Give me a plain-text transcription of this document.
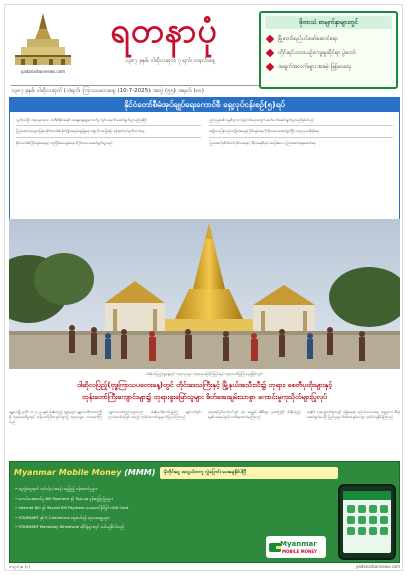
yadanarbonnews.com
ရတနာပုံ
၁၃၈၇ ခုနှစ်၊ ဝါဆိုလဆုတ် ၇ ရက်၊ တနင်္လာနေ့
၁၃၈၇ ခုနှစ်၊ ဝါဆိုလဆုတ် (၁)ရက်၊ ကြာသပတေးနေ့၊ (10-7-2025)၊ အတွဲ (၅၅)၊ အမှတ် (၈၀)
ဖိုတာသံ စာမျက်နှာများတွင်
မြို့တော်စည်ပင်ဖော်ဆောင်ရေး
တိုင်းရင်းသားယဉ်ကျေးမှုဆိုင်ရာ ပွဲတော်
အချက်အလက်များ အခမဲ့ ဖြန့်ဝေရေး
နိုင်ငံတော်စီမံအုပ်ချုပ်ရေးကောင်စီ ရှေ့လုပ်ငန်းစဉ်(၅)ရပ်

လွတ်လပ်ပြီး တရားမျှတသော ပါတီစုံဒီမိုကရေစီ အထွေထွေရွေးကောက်ပွဲ ကျင်းပရေးကို ဆောင်ရွက်သွားမည်ဖြစ်ပြီး

ပြည်ထောင်စုသမ္မတမြန်မာနိုင်ငံတော်၏ စိုက်ပျိုးရေးနှင့်မွေးမြူရေးကဏ္ဍကို အခြေခံ၍ ကုန်ထုတ်လုပ်မှုတိုးတက်ရေး

နိုင်ငံတော်၏ ငြိမ်းချမ်းရေးနှင့် တည်ငြိမ်အေးချမ်းရေးကို ဦးစားပေးဆောင်ရွက်သွားမည်

ပြည်သူများ၏ လူမှုစီးပွားဘဝ မြှင့်တင်ရေးအတွက် ဆက်လက်ဆောင်ရွက်သွားမည်ဖြစ်ပါသည်

အမျိုးသားပြန်လည်သင့်မြတ်ရေးနှင့် ငြိမ်းချမ်းရေးကို ဦးစားပေးဆောင်ရွက်ပြီး တရားဥပဒေစိုးမိုးရေး

ပြည်ထောင်စုစိတ်ဓာတ် ခိုင်မာရေးနှင့် ဒီမိုကရေစီစနစ် အခြေခံသော ပြည်ထောင်စုထူထောင်ရေး

ဝါဆိုလပြည့်ဗုဒ္ဓနေ့တွင် ဘုရားဖူးများ ဘုရားဖူးမြော်ကြခြင်းနှင့် ဘုရားဝတ်ပြုကြသည့်မြင်ကွင်း
ဝါဆိုလပြည့်(ဗုဒ္ဓကြာသပတေးနေ့)တွင် တိုင်းဒေသကြီးနှင့် မြို့နယ်အသီးသီး၌ ဘုရား၊ စေတီပုထိုးများနှင့်
ဘုန်းတော်ကြီးကျောင်းများ၌ ဘုရားဖူးမြော်သူများ စိတ်အေးချမ်းသာစွာ ကောင်းမှုကုသိုလ်များပြုလုပ်
မန္တလေးမြို့ ဇူလိုင် ၁၀ ၂၀၂၅ ခုနှစ် ဝါဆိုလပြည့် ဗုဒ္ဓနေ့တွင် မန္တလေးတိုင်းဒေသကြီးရှိ ဘုရားစေတီများနှင့် ဘုန်းတော်ကြီးကျောင်းများ၌ ဘုရားဖူးများ လာရောက်ကြသည်
ဗုဒ္ဓဘာသာဝင်ပြည်သူများသည် ဝါဆိုသင်္ကန်းကပ်လှူခြင်း၊ ဆွမ်းကပ်ခြင်း၊ ဥပုသ်စောင့်သုံးခြင်း စသည့် ကုသိုလ်ကောင်းမှုများကို ပြုလုပ်ကြသည်
ဘုရားရင်ပြင်တော်ပေါ်တွင် ပန်း၊ ရေချမ်း၊ ဆီမီးများ ပူဇော်ကြပြီး ဝါဆိုလပြည့်နေ့၏ အရေးပါမှုကို သတိရအောက်မေ့ကြသည်
အဆိုပါ ဘုရားပွဲတော်များတွင် လုံခြုံရေးနှင့် စည်ပင်သာယာရေး ဌာနများက စီစဉ်ဆောင်ရွက်ပေးပြီး ပြည်သူများ စိတ်အေးချမ်းသာစွာ ကုသိုလ်ယူနိုင်ခဲ့ကြသည်
Myanmar Mobile Money (MMM)	မိုဘိုင်းငွေ အလွယ်တကူ လွှဲပြောင်း ပေးချေနိုင်ပါပြီ
• ငွေလွှဲ/ငွေထုတ် လုပ်ငန်း (အခမဲ့) ငွေဖြည့် ဝန်ဆောင်မှုများ
• ဘေလ်ပေးဆောင်မှု Bill Payment နှင့် Top-up ဖုန်းငွေဖြည့်မှုများ
• Internet Bill နှင့် Skynet Bill Payment ပေးဆောင်နိုင်ခြင်း Gift Card
• STARMART နှင့် E-Commerce ဈေးဝယ်ရန် ငွေပေးချေမှုများ
• STARMART Mandalay Wholesale ဆိုင်ခွဲများတွင် ဝယ်ယူနိုင်ပါသည်
Myanmar
MOBILE MONEY
စာမျက်နှာ (၁)	yadanarbonnews.com
